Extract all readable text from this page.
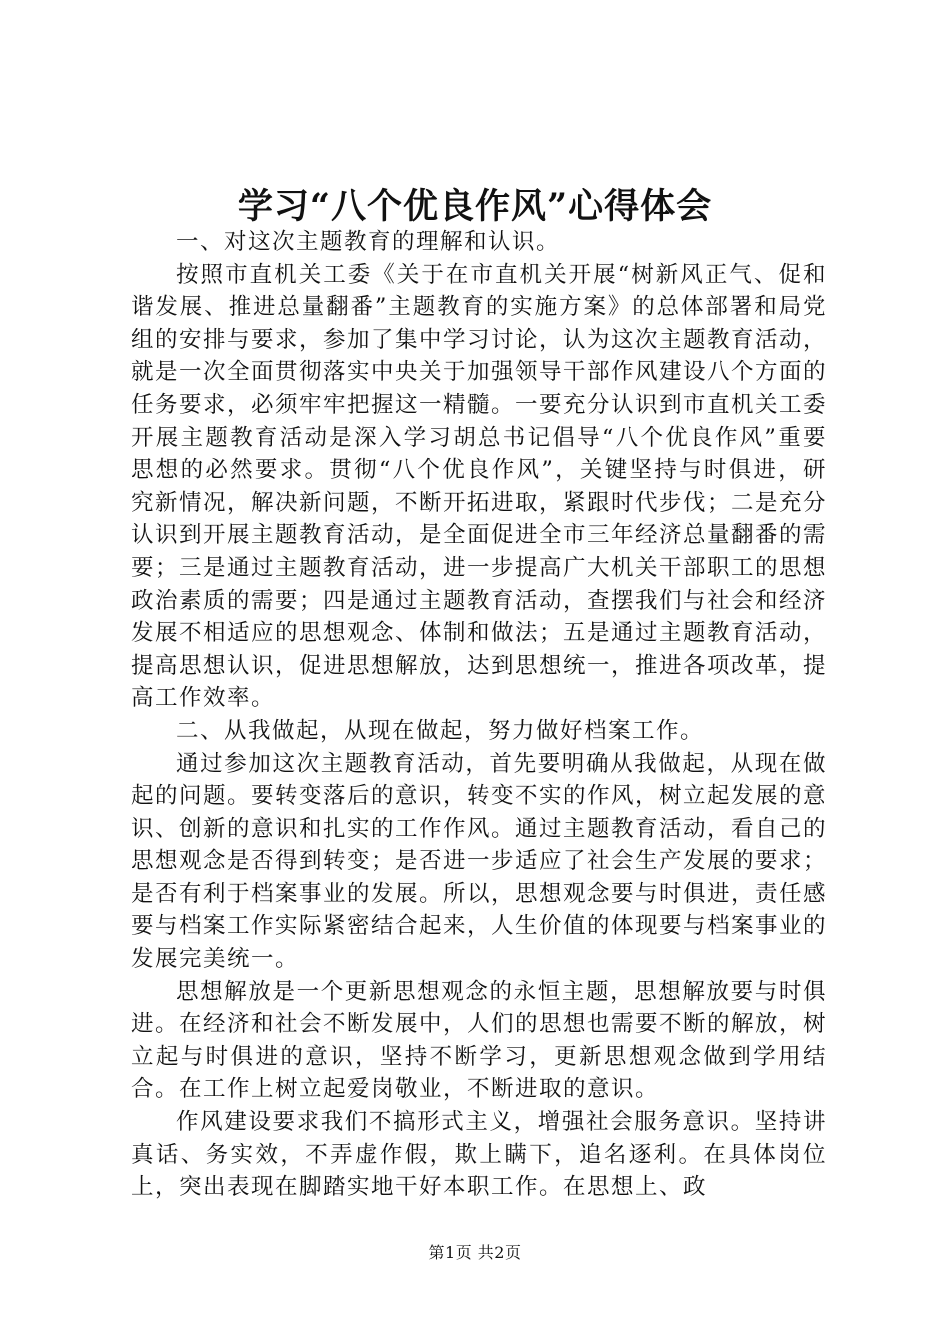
学习“八个优良作风”心得体会

一、对这次主题教育的理解和认识。

按照市直机关工委《关于在市直机关开展“树新风正气、促和谐发展、推进总量翻番”主题教育的实施方案》的总体部署和局党组的安排与要求，参加了集中学习讨论，认为这次主题教育活动，就是一次全面贯彻落实中央关于加强领导干部作风建设八个方面的任务要求，必须牢牢把握这一精髓。一要充分认识到市直机关工委开展主题教育活动是深入学习胡总书记倡导“八个优良作风”重要思想的必然要求。贯彻“八个优良作风”，关键坚持与时俱进，研究新情况，解决新问题，不断开拓进取，紧跟时代步伐；二是充分认识到开展主题教育活动，是全面促进全市三年经济总量翻番的需要；三是通过主题教育活动，进一步提高广大机关干部职工的思想政治素质的需要；四是通过主题教育活动，查摆我们与社会和经济发展不相适应的思想观念、体制和做法；五是通过主题教育活动，提高思想认识，促进思想解放，达到思想统一，推进各项改革，提高工作效率。

二、从我做起，从现在做起，努力做好档案工作。

通过参加这次主题教育活动，首先要明确从我做起，从现在做起的问题。要转变落后的意识，转变不实的作风，树立起发展的意识、创新的意识和扎实的工作作风。通过主题教育活动，看自己的思想观念是否得到转变；是否进一步适应了社会生产发展的要求；是否有利于档案事业的发展。所以，思想观念要与时俱进，责任感要与档案工作实际紧密结合起来，人生价值的体现要与档案事业的发展完美统一。

思想解放是一个更新思想观念的永恒主题，思想解放要与时俱进。在经济和社会不断发展中，人们的思想也需要不断的解放，树立起与时俱进的意识，坚持不断学习，更新思想观念做到学用结合。在工作上树立起爱岗敬业，不断进取的意识。

作风建设要求我们不搞形式主义，增强社会服务意识。坚持讲真话、务实效，不弄虚作假，欺上瞒下，追名逐利。在具体岗位上，突出表现在脚踏实地干好本职工作。在思想上、政

第1页 共2页
